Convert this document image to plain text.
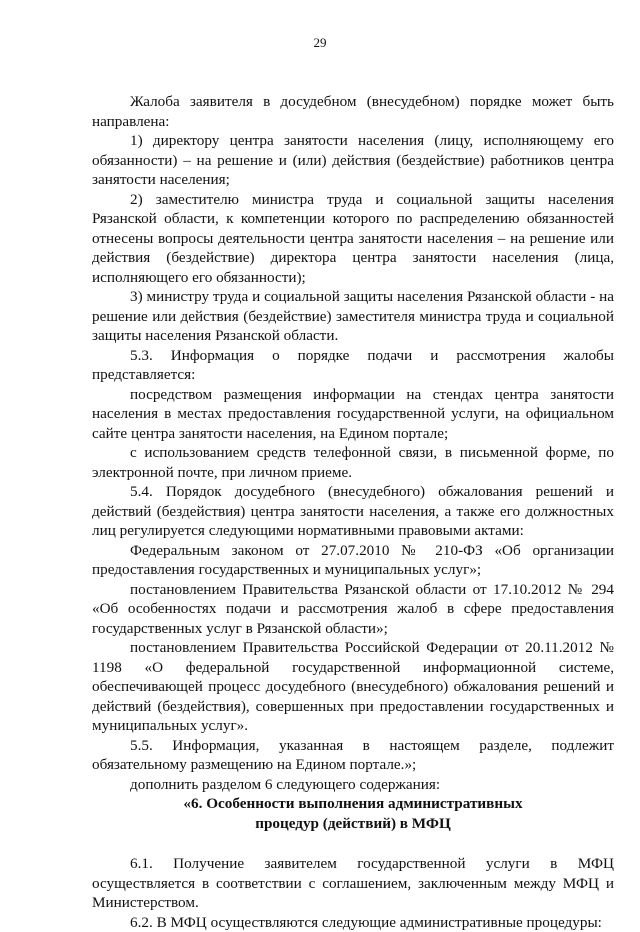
29

Жалоба заявителя в досудебном (внесудебном) порядке может быть направлена:

1) директору центра занятости населения (лицу, исполняющему его обязанности) – на решение и (или) действия (бездействие) работников центра занятости населения;

2) заместителю министра труда и социальной защиты населения Рязанской области, к компетенции которого по распределению обязанностей отнесены вопросы деятельности центра занятости населения – на решение или действия (бездействие) директора центра занятости населения (лица, исполняющего его обязанности);

3) министру труда и социальной защиты населения Рязанской области - на решение или действия (бездействие) заместителя министра труда и социальной защиты населения Рязанской области.

5.3. Информация о порядке подачи и рассмотрения жалобы представляется:

посредством размещения информации на стендах центра занятости населения в местах предоставления государственной услуги, на официальном сайте центра занятости населения, на Едином портале;

с использованием средств телефонной связи, в письменной форме, по электронной почте, при личном приеме.

5.4. Порядок досудебного (внесудебного) обжалования решений и действий (бездействия) центра занятости населения, а также его должностных лиц регулируется следующими нормативными правовыми актами:

Федеральным законом от 27.07.2010 № 210-ФЗ «Об организации предоставления государственных и муниципальных услуг»;

постановлением Правительства Рязанской области от 17.10.2012 № 294 «Об особенностях подачи и рассмотрения жалоб в сфере предоставления государственных услуг в Рязанской области»;

постановлением Правительства Российской Федерации от 20.11.2012 № 1198 «О федеральной государственной информационной системе, обеспечивающей процесс досудебного (внесудебного) обжалования решений и действий (бездействия), совершенных при предоставлении государственных и муниципальных услуг».

5.5. Информация, указанная в настоящем разделе, подлежит обязательному размещению на Едином портале.»;

дополнить разделом 6 следующего содержания:

«6. Особенности выполнения административных

процедур (действий) в МФЦ

6.1. Получение заявителем государственной услуги в МФЦ осуществляется в соответствии с соглашением, заключенным между МФЦ и Министерством.

6.2. В МФЦ осуществляются следующие административные процедуры:
